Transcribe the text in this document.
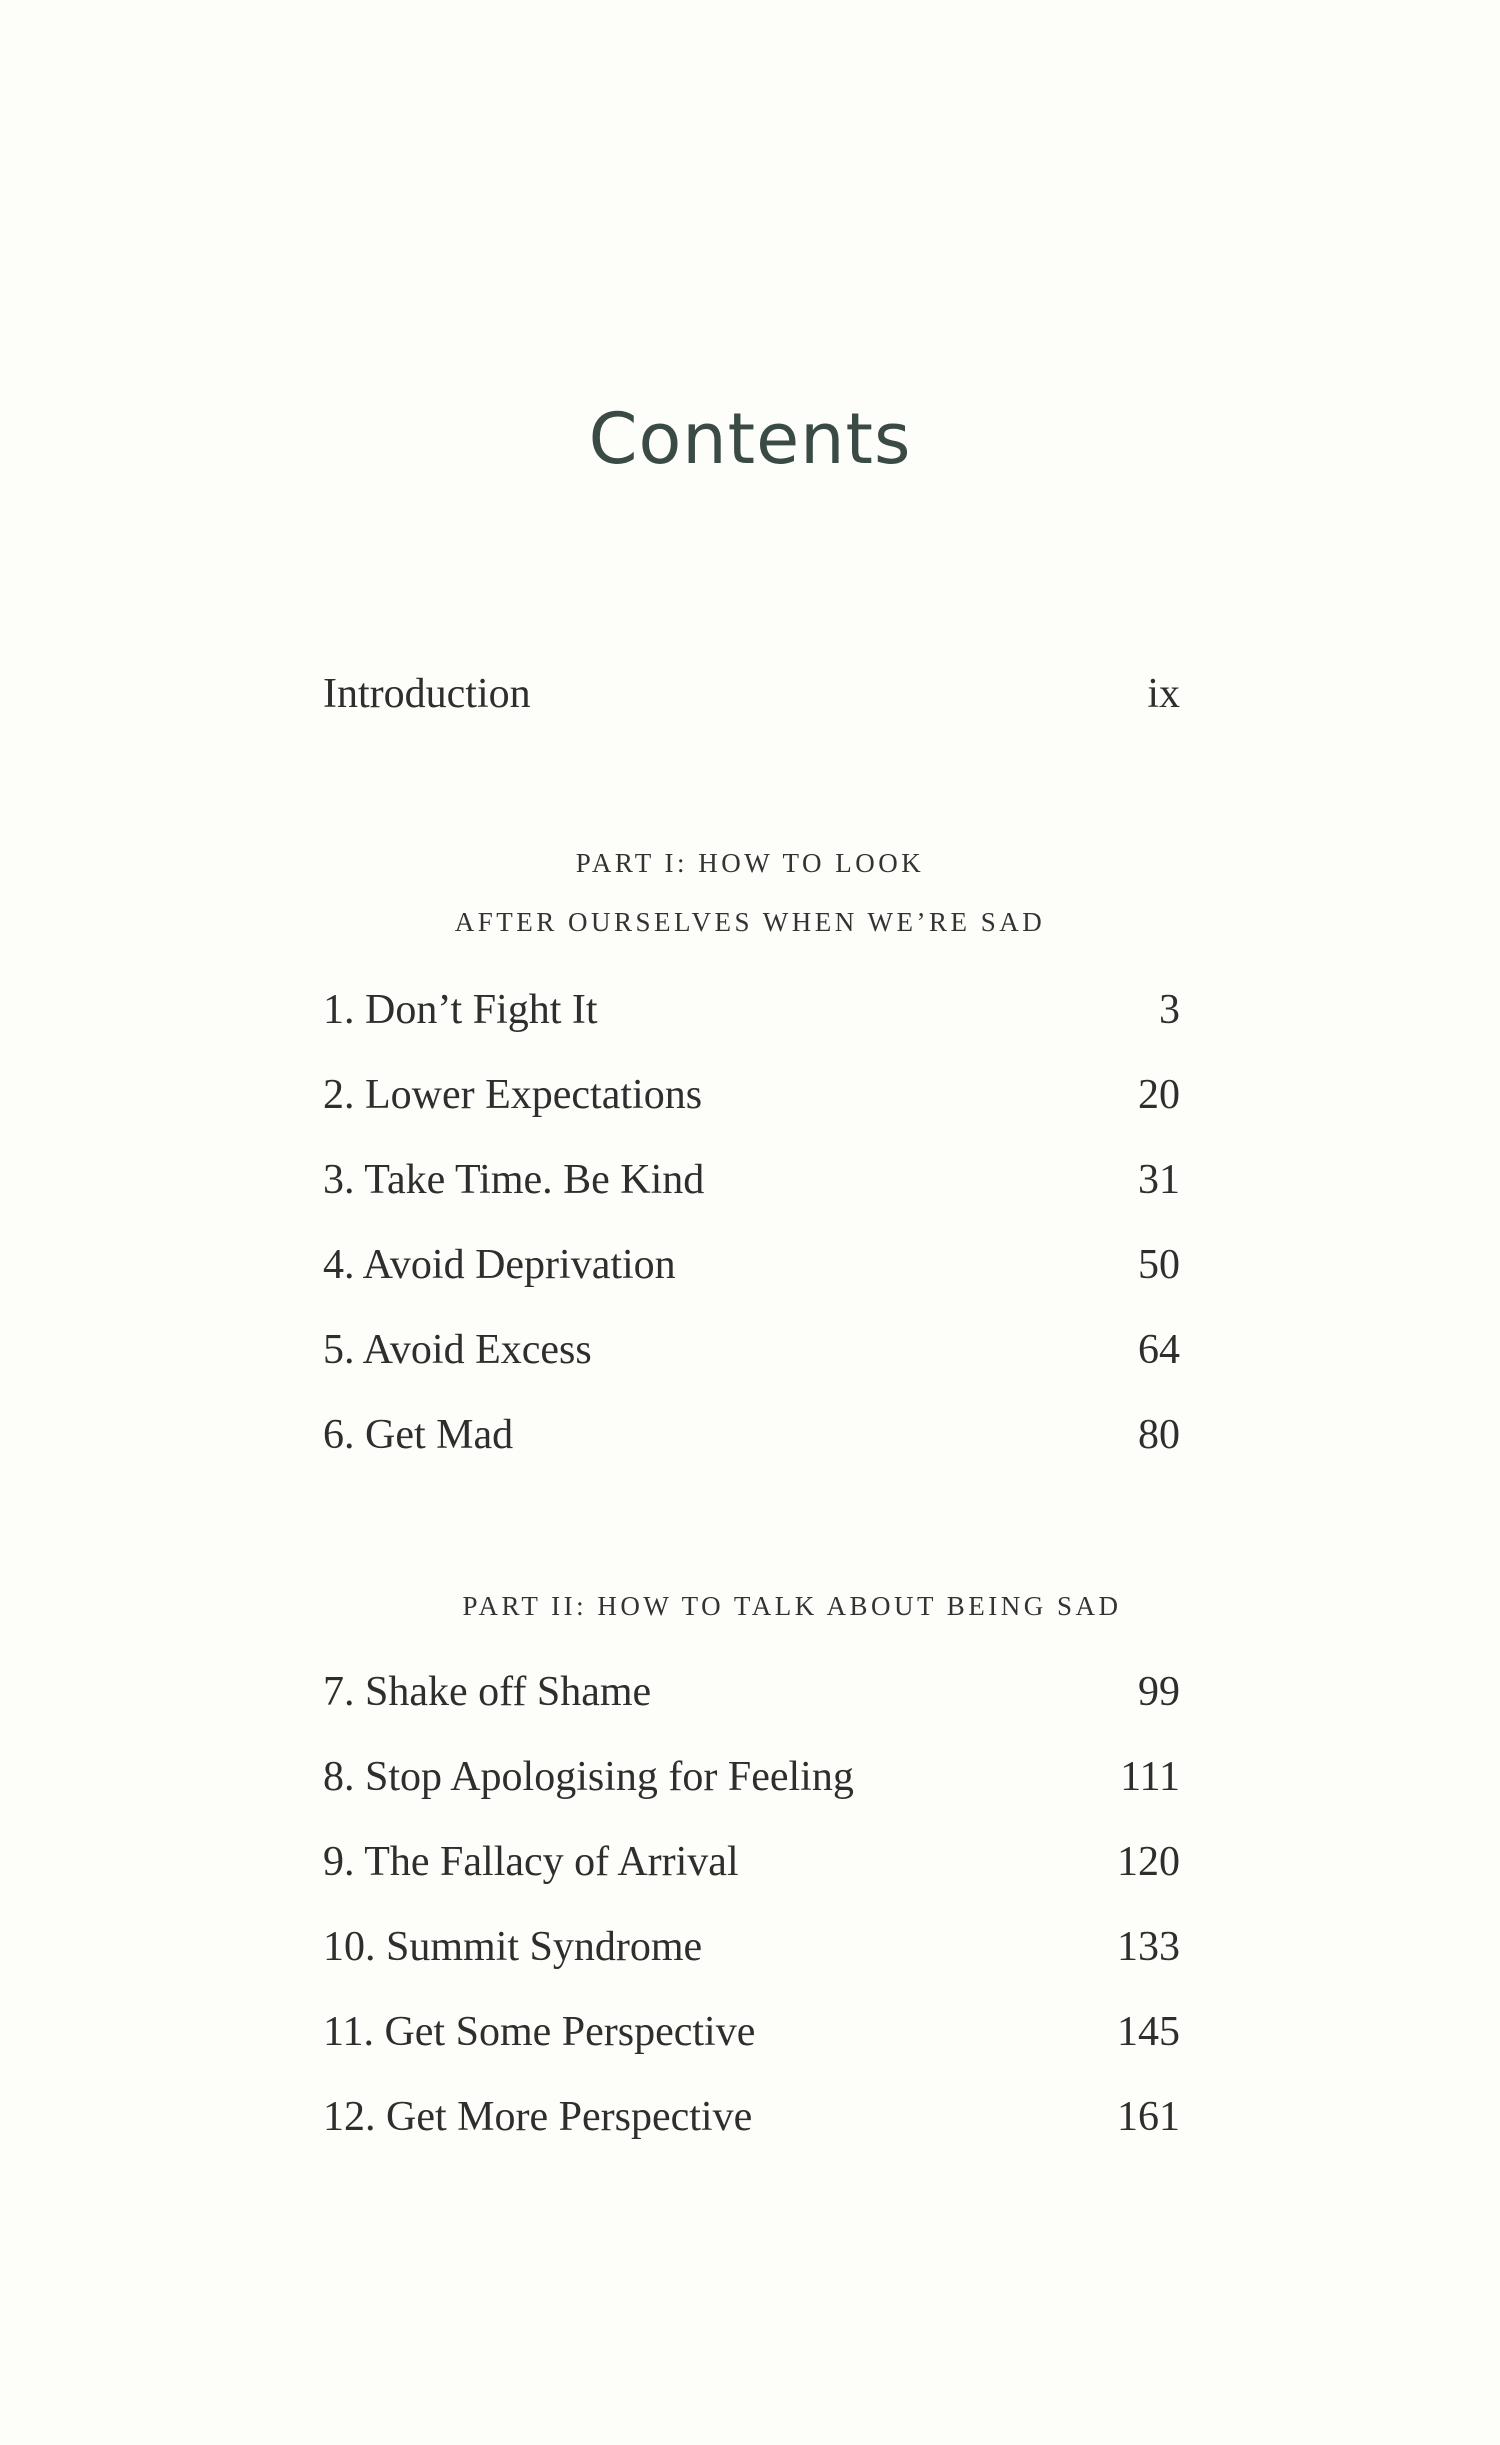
Contents
Introduction	ix
PART I: HOW TO LOOK
AFTER OURSELVES WHEN WE’RE SAD
1. Don’t Fight It	3
2. Lower Expectations	20
3. Take Time. Be Kind	31
4. Avoid Deprivation	50
5. Avoid Excess	64
6. Get Mad	80
PART II: HOW TO TALK ABOUT BEING SAD
7. Shake off Shame	99
8. Stop Apologising for Feeling	111
9. The Fallacy of Arrival	120
10. Summit Syndrome	133
11. Get Some Perspective	145
12. Get More Perspective	161
